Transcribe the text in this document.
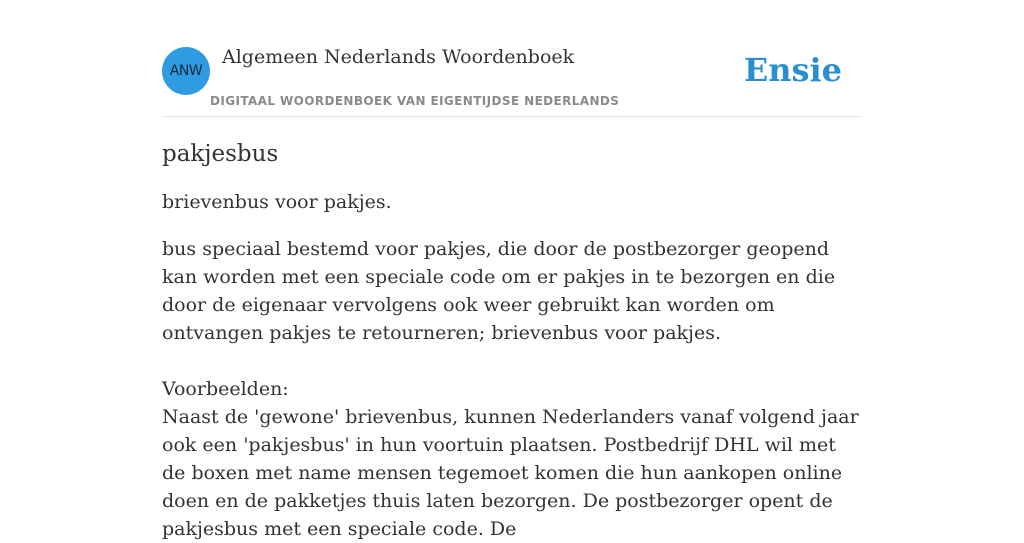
ANW
Algemeen Nederlands Woordenboek
DIGITAAL WOORDENBOEK VAN EIGENTIJDSE NEDERLANDS
Ensie
pakjesbus

brievenbus voor pakjes.

bus speciaal bestemd voor pakjes, die door de postbezorger geopend kan worden met een speciale code om er pakjes in te bezorgen en die door de eigenaar vervolgens ook weer gebruikt kan worden om ontvangen pakjes te retourneren; brievenbus voor pakjes.

Voorbeelden:

Naast de 'gewone' brievenbus, kunnen Nederlanders vanaf volgend jaar ook een 'pakjesbus' in hun voortuin plaatsen. Postbedrijf DHL wil met de boxen met name mensen tegemoet komen die hun aankopen online doen en de pakketjes thuis laten bezorgen. De postbezorger opent de pakjesbus met een speciale code. De
